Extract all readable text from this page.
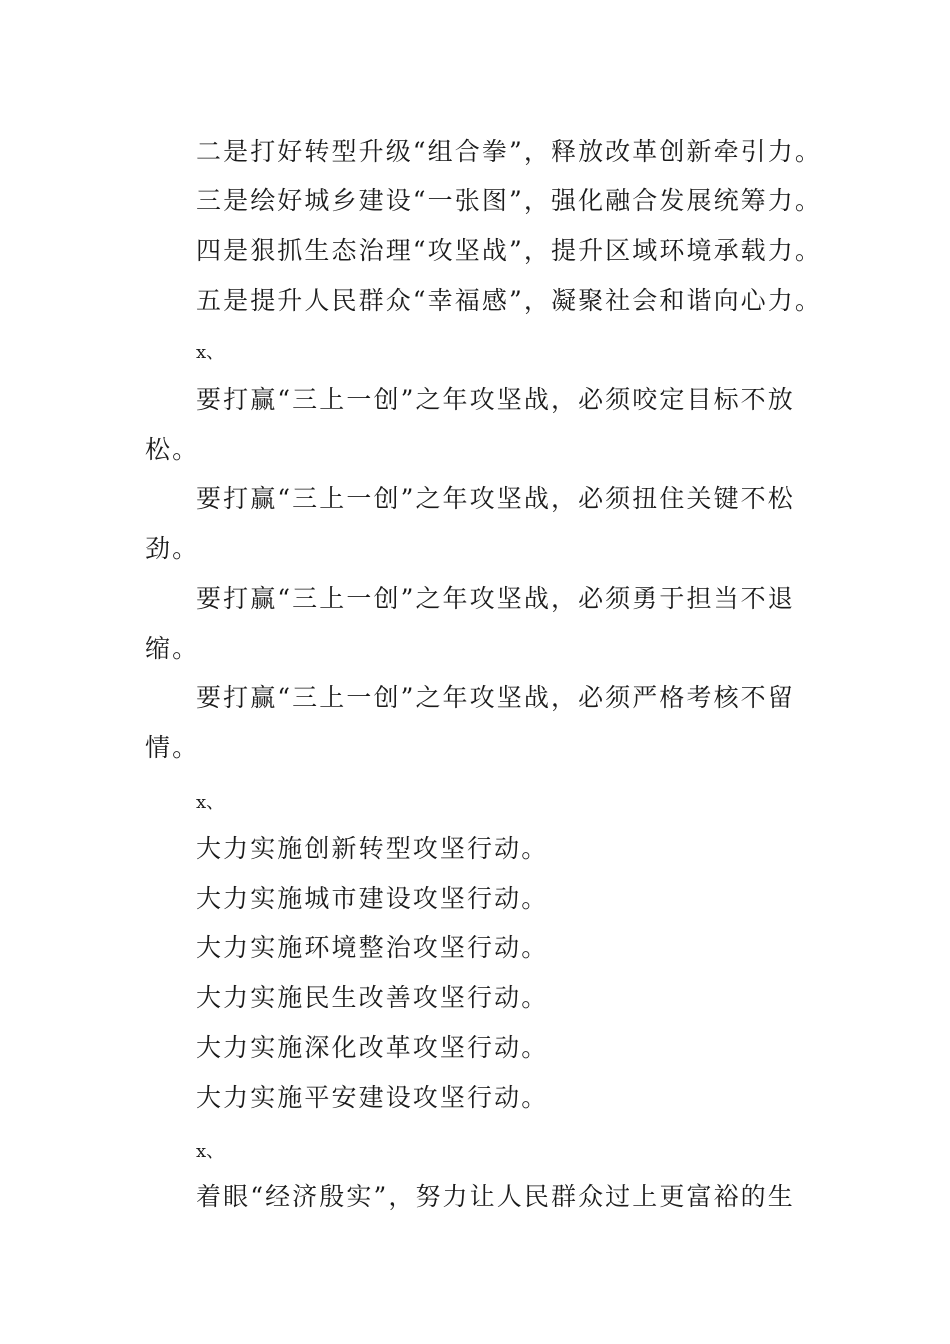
二是打好转型升级“组合拳”，释放改革创新牵引力。
三是绘好城乡建设“一张图”，强化融合发展统筹力。
四是狠抓生态治理“攻坚战”，提升区域环境承载力。
五是提升人民群众“幸福感”，凝聚社会和谐向心力。
x、
要打赢“三上一创”之年攻坚战，必须咬定目标不放
松。
要打赢“三上一创”之年攻坚战，必须扭住关键不松
劲。
要打赢“三上一创”之年攻坚战，必须勇于担当不退
缩。
要打赢“三上一创”之年攻坚战，必须严格考核不留
情。
x、
大力实施创新转型攻坚行动。
大力实施城市建设攻坚行动。
大力实施环境整治攻坚行动。
大力实施民生改善攻坚行动。
大力实施深化改革攻坚行动。
大力实施平安建设攻坚行动。
x、
着眼“经济殷实”，努力让人民群众过上更富裕的生
